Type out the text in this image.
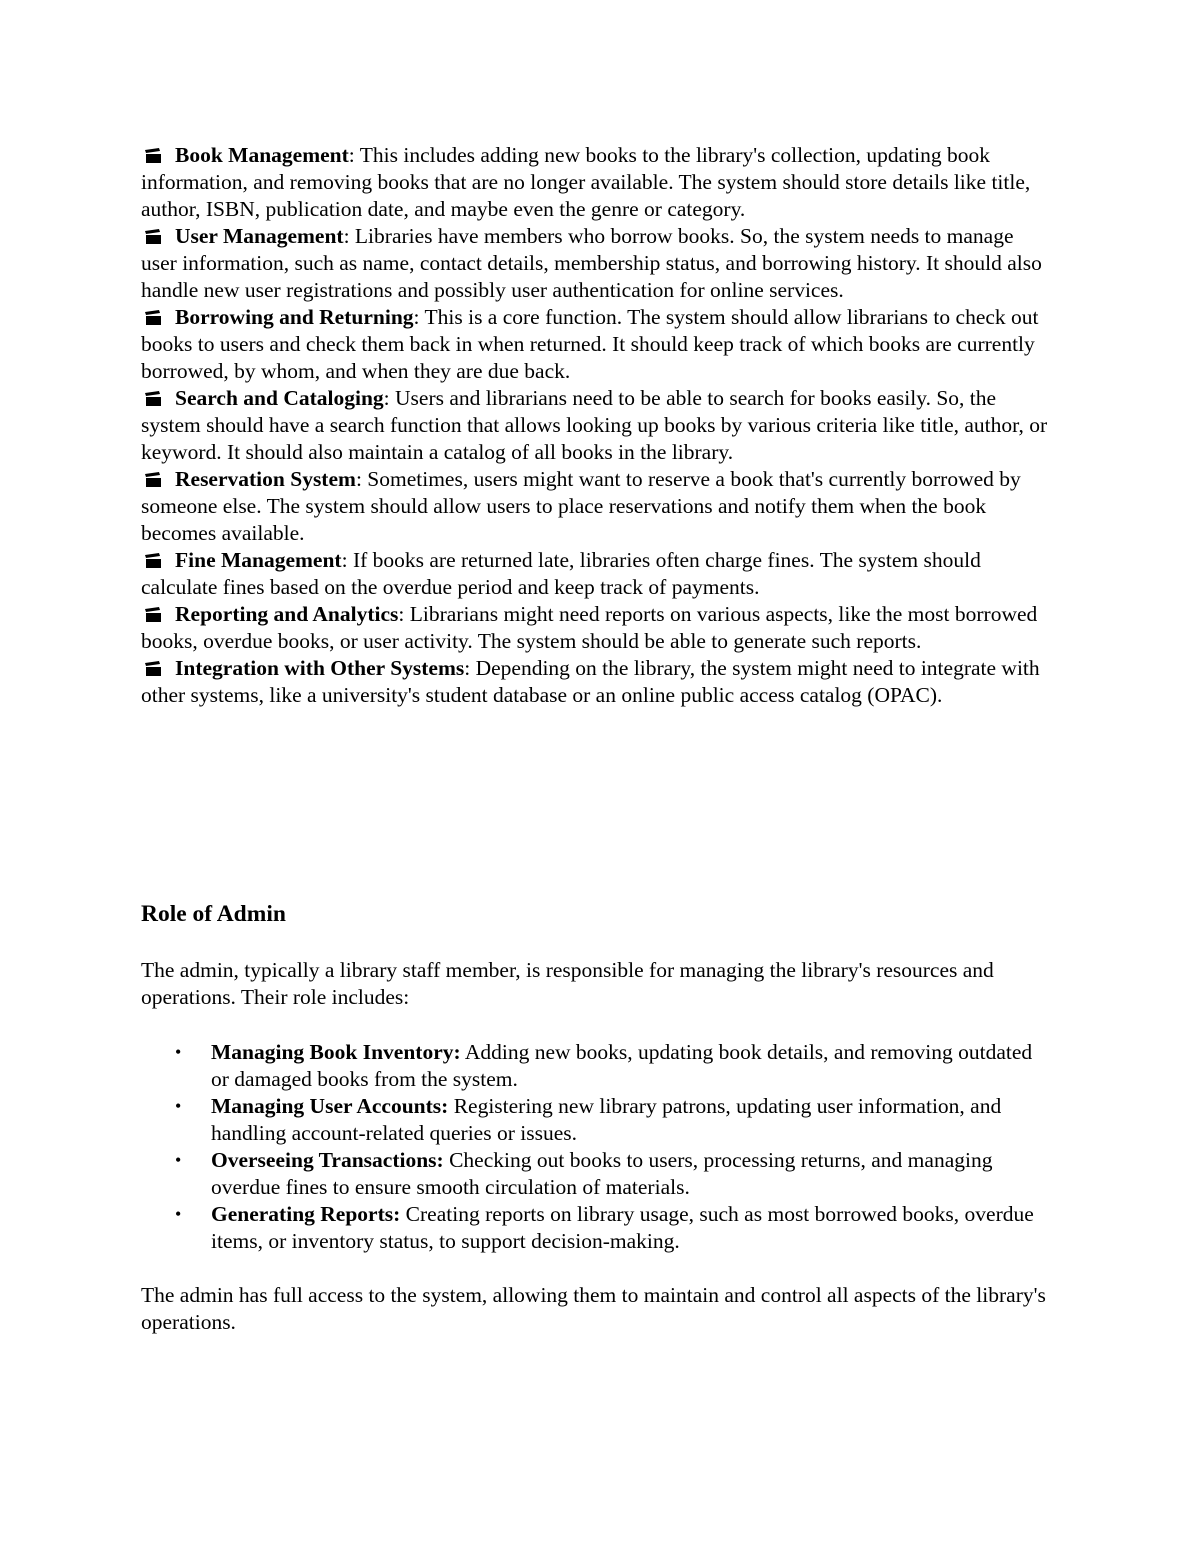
Book Management: This includes adding new books to the library's collection, updating book information, and removing books that are no longer available. The system should store details like title, author, ISBN, publication date, and maybe even the genre or category.

User Management: Libraries have members who borrow books. So, the system needs to manage user information, such as name, contact details, membership status, and borrowing history. It should also handle new user registrations and possibly user authentication for online services.

Borrowing and Returning: This is a core function. The system should allow librarians to check out books to users and check them back in when returned. It should keep track of which books are currently borrowed, by whom, and when they are due back.

Search and Cataloging: Users and librarians need to be able to search for books easily. So, the system should have a search function that allows looking up books by various criteria like title, author, or keyword. It should also maintain a catalog of all books in the library.

Reservation System: Sometimes, users might want to reserve a book that's currently borrowed by someone else. The system should allow users to place reservations and notify them when the book becomes available.

Fine Management: If books are returned late, libraries often charge fines. The system should calculate fines based on the overdue period and keep track of payments.

Reporting and Analytics: Librarians might need reports on various aspects, like the most borrowed books, overdue books, or user activity. The system should be able to generate such reports.

Integration with Other Systems: Depending on the library, the system might need to integrate with other systems, like a university's student database or an online public access catalog (OPAC).

Role of Admin

The admin, typically a library staff member, is responsible for managing the library's resources and operations. Their role includes:

• Managing Book Inventory: Adding new books, updating book details, and removing outdated or damaged books from the system.
• Managing User Accounts: Registering new library patrons, updating user information, and handling account-related queries or issues.
• Overseeing Transactions: Checking out books to users, processing returns, and managing overdue fines to ensure smooth circulation of materials.
• Generating Reports: Creating reports on library usage, such as most borrowed books, overdue items, or inventory status, to support decision-making.

The admin has full access to the system, allowing them to maintain and control all aspects of the library's operations.
